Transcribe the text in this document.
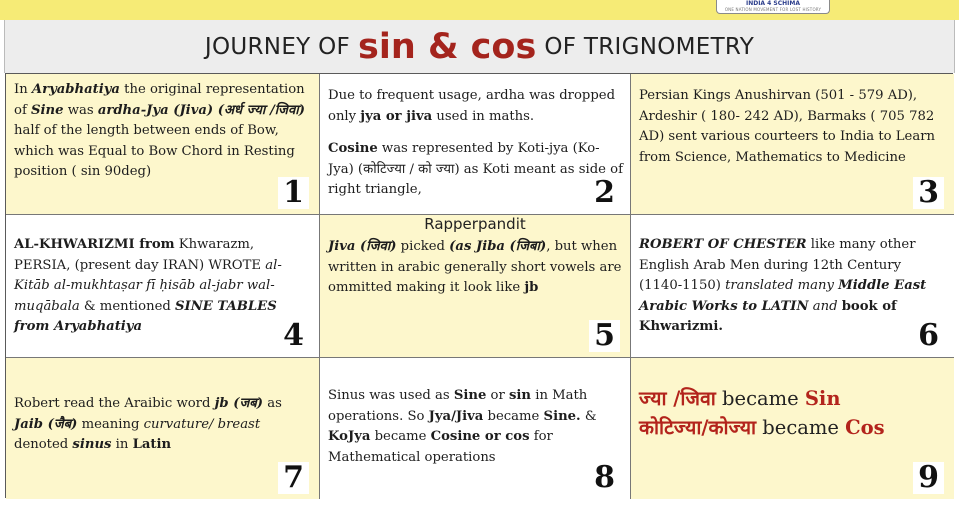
INDIA 4 SCHIMA
ONE NATION MOVEMENT FOR LOST HISTORY
JOURNEY OF sin & cos OF TRIGNOMETRY
In Aryabhatiya the original representation of Sine was ardha-Jya (Jiva) (अर्ध ज्या /जिवा) half of the length between ends of Bow, which was Equal to Bow Chord in Resting position ( sin 90deg)
1
Due to frequent usage, ardha was dropped only jya or jiva used in maths.
Cosine was represented by Koti-jya (Ko-Jya) (कोटिज्या / को ज्या) as Koti meant as side of right triangle,	2
Persian Kings Anushirvan (501 - 579 AD), Ardeshir ( 180- 242 AD), Barmaks ( 705 782 AD) sent various courteers to India to Learn from Science, Mathematics to Medicine
3
AL-KHWARIZMI from Khwarazm, PERSIA, (present day IRAN) WROTE al-Kitāb al-mukhtaṣar fī ḥisāb al-jabr wal-muqābala & mentioned SINE TABLES from Aryabhatiya	4
Rapperpandit
Jiva (जिवा) picked (as Jiba (जिबा), but when written in arabic generally short vowels are ommitted making it look like jb
5
ROBERT OF CHESTER like many other English Arab Men during 12th Century (1140-1150) translated many Middle East Arabic Works to LATIN and book of Khwarizmi.	6
Robert read the Araibic word jb (जब) as Jaib (जैब) meaning curvature/ breast denoted sinus in Latin
7
Sinus was used as Sine or sin in Math operations. So Jya/Jiva became Sine. & KoJya became Cosine or cos for Mathematical operations
8
ज्या /जिवा became Sin
कोटिज्या/कोज्या became Cos
9
